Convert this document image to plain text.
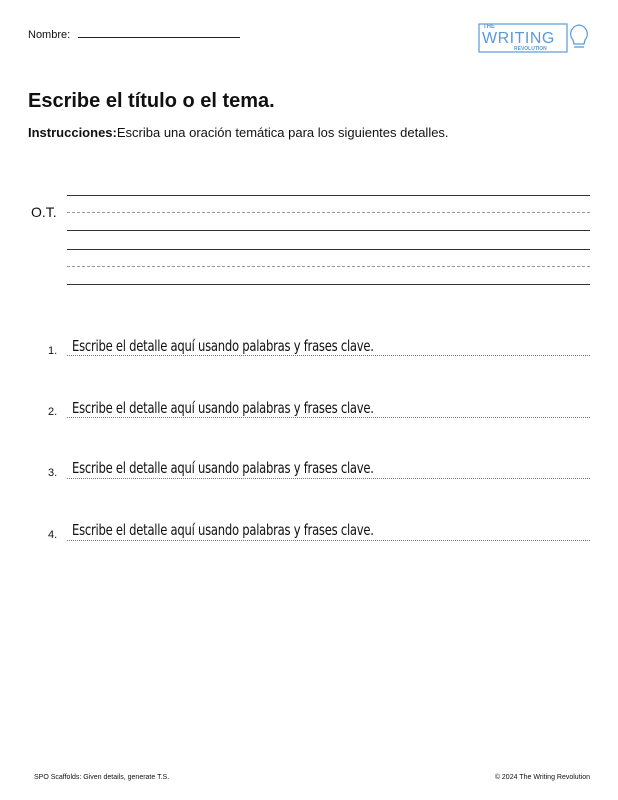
Nombre:
THE
WRITING
REVOLUTION
Escribe el título o el tema.
Instrucciones:Escriba una oración temática para los siguientes detalles.
O.T.
1. Escribe el detalle aquí usando palabras y frases clave.
2. Escribe el detalle aquí usando palabras y frases clave.
3. Escribe el detalle aquí usando palabras y frases clave.
4. Escribe el detalle aquí usando palabras y frases clave.
SPO Scaffolds: Given details, generate T.S.	© 2024 The Writing Revolution
